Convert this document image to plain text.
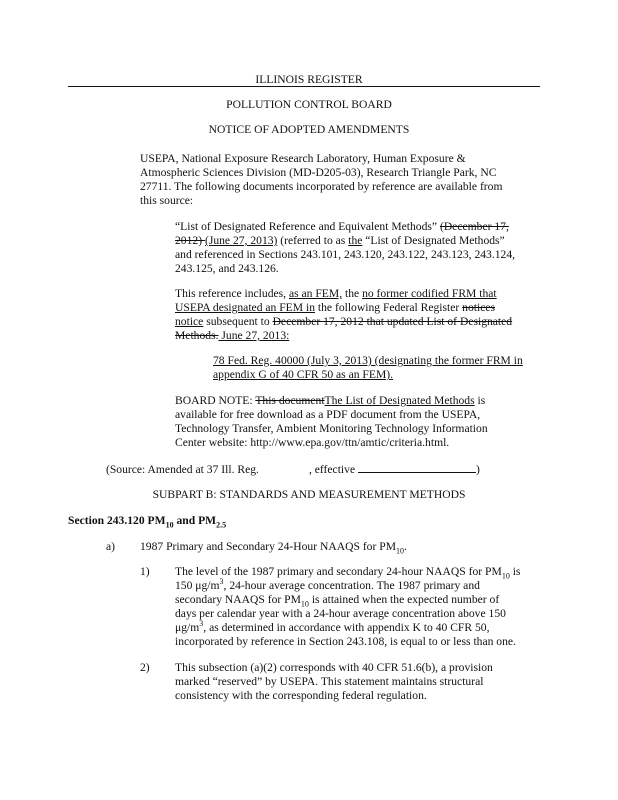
ILLINOIS REGISTER
POLLUTION CONTROL BOARD
NOTICE OF ADOPTED AMENDMENTS
USEPA, National Exposure Research Laboratory, Human Exposure &
Atmospheric Sciences Division (MD-D205-03), Research Triangle Park, NC
27711. The following documents incorporated by reference are available from
this source:
“List of Designated Reference and Equivalent Methods” (December 17,
2012) (June 27, 2013) (referred to as the “List of Designated Methods”
and referenced in Sections 243.101, 243.120, 243.122, 243.123, 243.124,
243.125, and 243.126.
This reference includes, as an FEM, the no former codified FRM that
USEPA designated an FEM in the following Federal Register notices
notice subsequent to December 17, 2012 that updated List of Designated
Methods. June 27, 2013:
78 Fed. Reg. 40000 (July 3, 2013) (designating the former FRM in
appendix G of 40 CFR 50 as an FEM).
BOARD NOTE: This documentThe List of Designated Methods is
available for free download as a PDF document from the USEPA,
Technology Transfer, Ambient Monitoring Technology Information
Center website: http://www.epa.gov/ttn/amtic/criteria.html.
(Source: Amended at 37 Ill. Reg.	, effective	)
SUBPART B: STANDARDS AND MEASUREMENT METHODS
Section 243.120 $PM_{10}$ and $PM_{2.5}$
a) 1987 Primary and Secondary 24-Hour NAAQS for $PM_{10}$.
1) The level of the 1987 primary and secondary 24-hour NAAQS for $PM_{10}$ is
150 $\mu g/m^3$, 24-hour average concentration. The 1987 primary and
secondary NAAQS for $PM_{10}$ is attained when the expected number of
days per calendar year with a 24-hour average concentration above 150
$\mu g/m^3$, as determined in accordance with appendix K to 40 CFR 50,
incorporated by reference in Section 243.108, is equal to or less than one.
2) This subsection (a)(2) corresponds with 40 CFR 51.6(b), a provision
marked “reserved” by USEPA. This statement maintains structural
consistency with the corresponding federal regulation.
